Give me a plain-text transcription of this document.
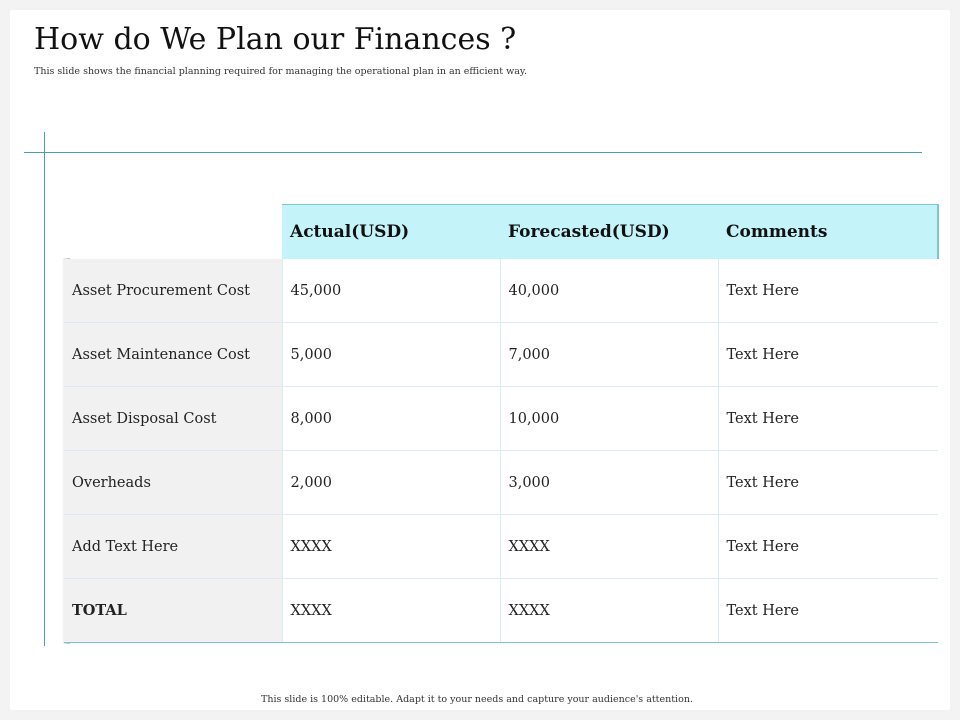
How do We Plan our Finances ?
This slide shows the financial planning required for managing the operational plan in an efficient way.
	Actual(USD)	Forecasted(USD)	Comments
Asset Procurement Cost	45,000	40,000	Text Here
Asset Maintenance Cost	5,000	7,000	Text Here
Asset Disposal Cost	8,000	10,000	Text Here
Overheads	2,000	3,000	Text Here
Add Text Here	XXXX	XXXX	Text Here
TOTAL	XXXX	XXXX	Text Here
This slide is 100% editable. Adapt it to your needs and capture your audience's attention.
